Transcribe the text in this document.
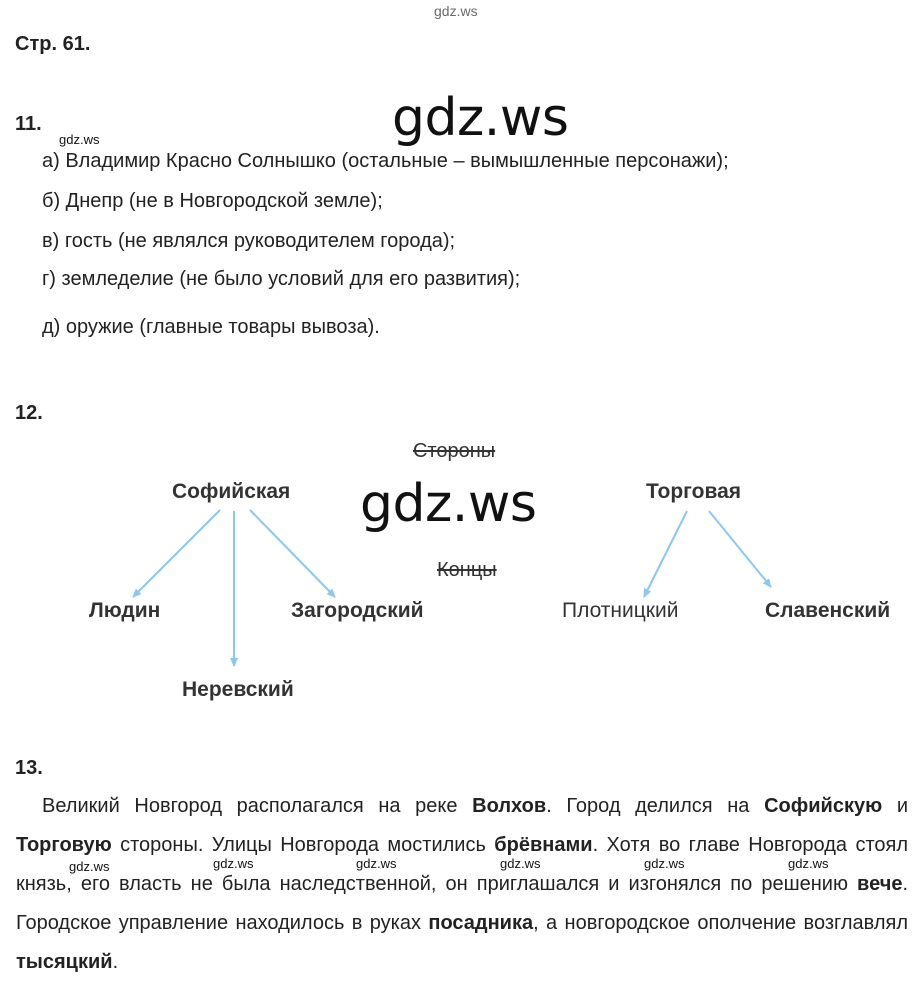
gdz.ws
gdz.ws
gdz.ws
gdz.ws
Стр. 61.
11.
а) Владимир Красно Солнышко (остальные – вымышленные персонажи);
б) Днепр (не в Новгородской земле);
в) гость (не являлся руководителем города);
г) земледелие (не было условий для его развития);
д) оружие (главные товары вывоза).
12.
Стороны
Софийская	Торговая
Концы
Людин	Загородский	Плотницкий	Славенский
Неревский
13.
Великий Новгород располагался на реке Волхов. Город делился на Софийскую и Торговую стороны. Улицы Новгорода мостились брёвнами. Хотя во главе Новгорода стоял князь, его власть не была наследственной, он приглашался и изгонялся по решению вече. Городское управление находилось в руках посадника, а новгородское ополчение возглавлял тысяцкий.
gdz.ws	gdz.ws	gdz.ws	gdz.ws	gdz.ws	gdz.ws
